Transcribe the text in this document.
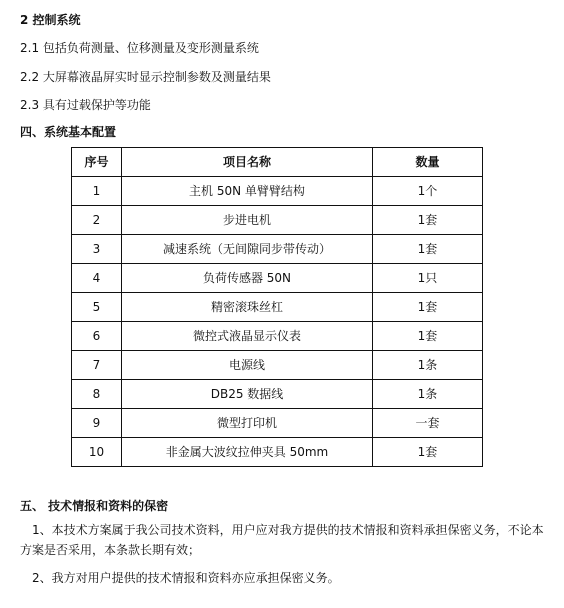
2 控制系统
2.1 包括负荷测量、位移测量及变形测量系统
2.2 大屏幕液晶屏实时显示控制参数及测量结果
2.3 具有过载保护等功能
四、系统基本配置
序号	项目名称	数量
1	主机 50N 单臂臂结构	1个
2	步进电机	1套
3	减速系统（无间隙同步带传动）	1套
4	负荷传感器 50N	1只
5	精密滚珠丝杠	1套
6	微控式液晶显示仪表	1套
7	电源线	1条
8	DB25 数据线	1条
9	微型打印机	一套
10	非金属大波纹拉伸夹具 50mm	1套
五、 技术情报和资料的保密
1、本技术方案属于我公司技术资料，用户应对我方提供的技术情报和资料承担保密义务，不论本方案是否采用，本条款长期有效；
2、我方对用户提供的技术情报和资料亦应承担保密义务。
